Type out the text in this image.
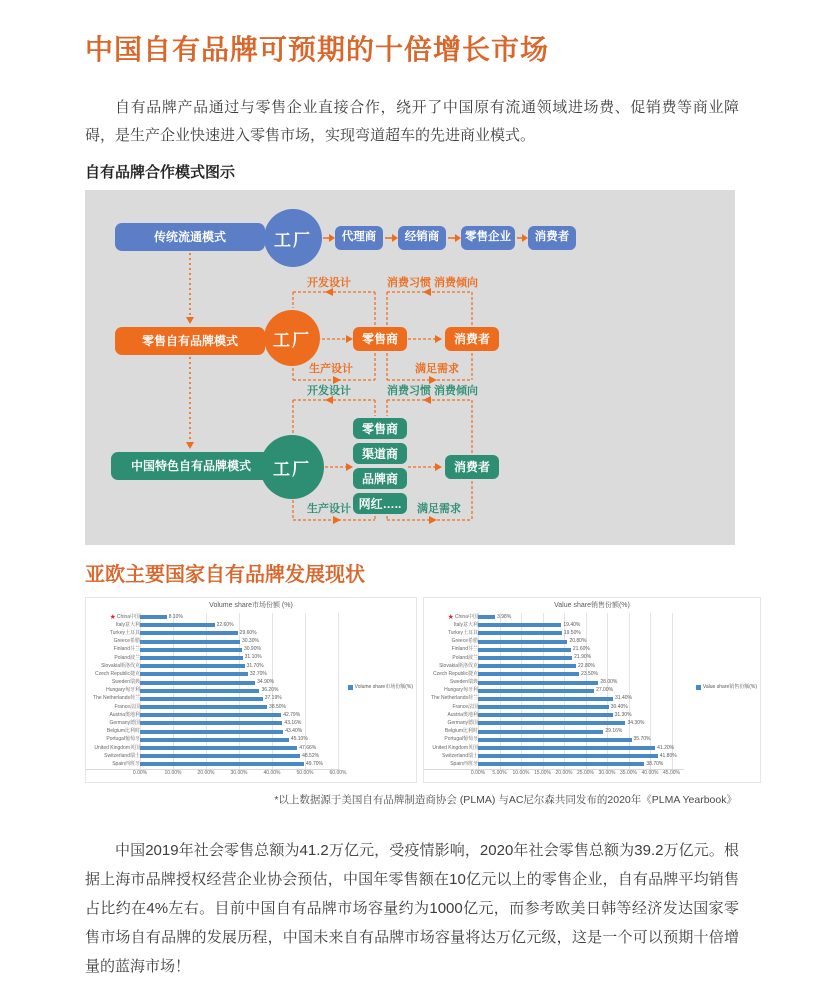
中国自有品牌可预期的十倍增长市场

自有品牌产品通过与零售企业直接合作，绕开了中国原有流通领域进场费、促销费等商业障碍，是生产企业快速进入零售市场，实现弯道超车的先进商业模式。

自有品牌合作模式图示
传统流通模式	工厂	代理商	经销商	零售企业	消费者
零售自有品牌模式	工厂	零售商	消费者
开发设计	消费习惯 消费倾向
生产设计	满足需求
中国特色自有品牌模式	工厂
零售商
渠道商
品牌商
网红…..
消费者
开发设计	消费习惯 消费倾向
生产设计	满足需求
亚欧主要国家自有品牌发展现状
Volume share市场份额 (%)
★ China中国	8.10%
Italy意大利	22.60%
Turkey土耳其	29.60%
Greece希腊	30.30%
Finland芬兰	30.90%
Poland波兰	31.10%
Slovakia斯洛伐克	31.70%
Czech Republic捷克	32.70%
Sweden瑞典	34.90%
Hungary匈牙利	36.20%
The Netherlands荷兰	37.19%
France法国	38.50%
Austria奥地利	42.79%
Germany德国	43.16%
Belgium比利时	43.40%
Portugal葡萄牙	45.10%
United Kingdom英国	47.66%
Switzerland瑞士	48.52%
Spain西班牙	49.70%
Volume share市场份额(%)
0.00%	10.00%	20.00%	30.00%	40.00%	50.00%	60.00%
Value share销售份额(%)
★ China中国	3.98%
Italy意大利	19.40%
Turkey土耳其	19.50%
Greece希腊	20.80%
Finland芬兰	21.60%
Poland波兰	21.90%
Slovakia斯洛伐克	22.80%
Czech Republic捷克	23.50%
Sweden瑞典	28.00%
Hungary匈牙利	27.00%
The Netherlands荷兰	31.40%
France法国	30.40%
Austria奥地利	31.30%
Germany德国	34.30%
Belgium比利时	29.16%
Portugal葡萄牙	35.70%
United Kingdom英国	41.20%
Switzerland瑞士	41.80%
Spain西班牙	38.70%
Value share销售份额(%)
0.00% 5.00% 10.00% 15.00% 20.00% 25.00% 30.00% 35.00% 40.00% 45.00%
*以上数据源于美国自有品牌制造商协会 (PLMA) 与AC尼尔森共同发布的2020年《PLMA Yearbook》

中国2019年社会零售总额为41.2万亿元，受疫情影响，2020年社会零售总额为39.2万亿元。根据上海市品牌授权经营企业协会预估，中国年零售额在10亿元以上的零售企业，自有品牌平均销售占比约在4%左右。目前中国自有品牌市场容量约为1000亿元，而参考欧美日韩等经济发达国家零售市场自有品牌的发展历程，中国未来自有品牌市场容量将达万亿元级，这是一个可以预期十倍增量的蓝海市场！
